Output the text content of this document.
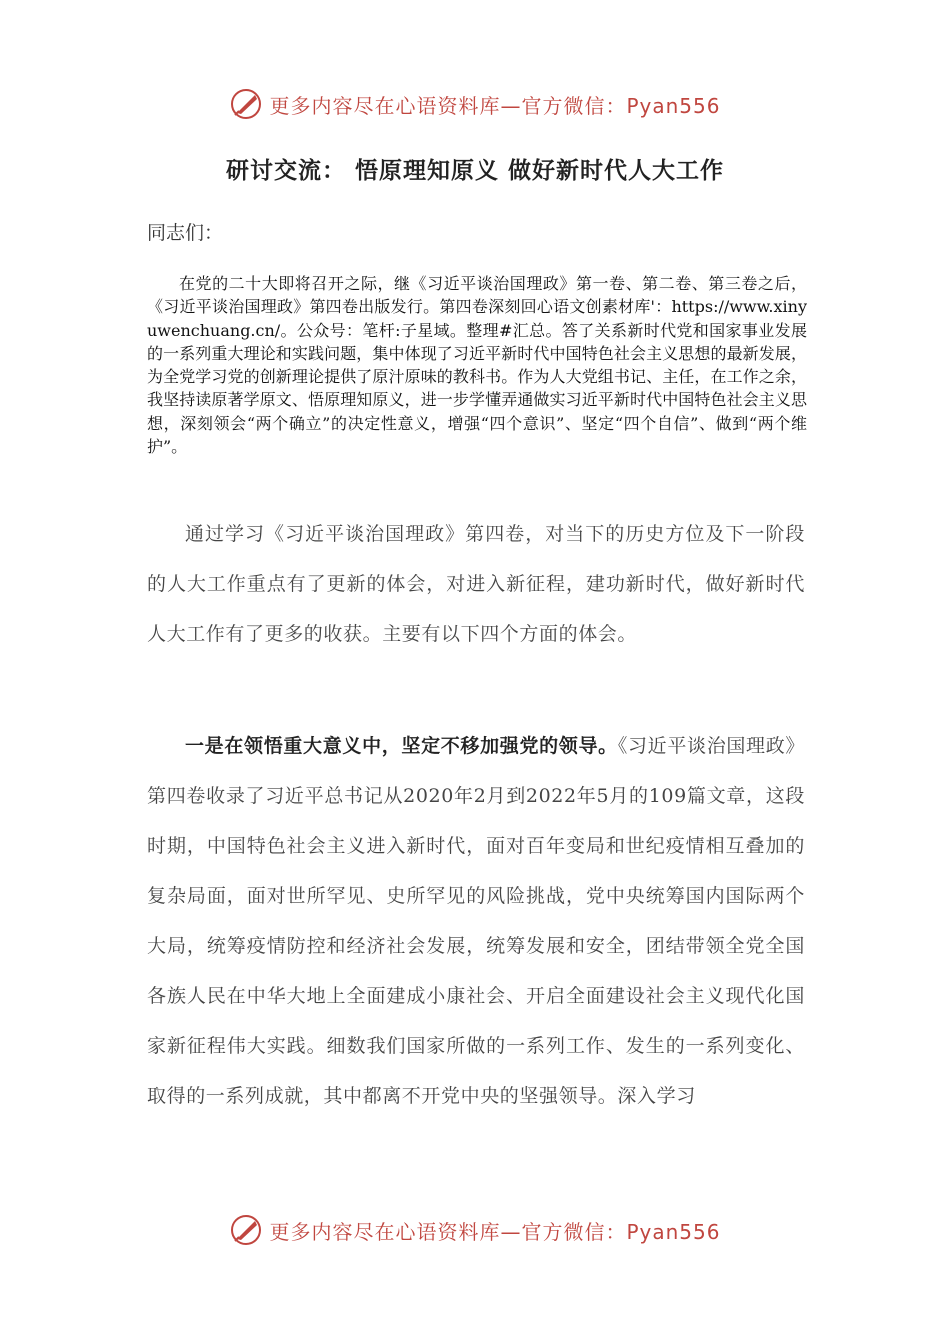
更多内容尽在心语资料库—官方微信：Pyan556
研讨交流： 悟原理知原义 做好新时代人大工作

同志们：

在党的二十大即将召开之际，继《习近平谈治国理政》第一卷、第二卷、第三卷之后，《习近平谈治国理政》第四卷出版发行。第四卷深刻回心语文创素材库'：https://www.xinyuwenchuang.cn/。公众号：笔杆:子星域。整理#汇总。答了关系新时代党和国家事业发展的一系列重大理论和实践问题，集中体现了习近平新时代中国特色社会主义思想的最新发展，为全党学习党的创新理论提供了原汁原味的教科书。作为人大党组书记、主任，在工作之余，我坚持读原著学原文、悟原理知原义，进一步学懂弄通做实习近平新时代中国特色社会主义思想，深刻领会“两个确立”的决定性意义，增强“四个意识”、坚定“四个自信”、做到“两个维护”。

通过学习《习近平谈治国理政》第四卷，对当下的历史方位及下一阶段的人大工作重点有了更新的体会，对进入新征程，建功新时代，做好新时代人大工作有了更多的收获。主要有以下四个方面的体会。

一是在领悟重大意义中，坚定不移加强党的领导。《习近平谈治国理政》第四卷收录了习近平总书记从2020年2月到2022年5月的109篇文章，这段时期，中国特色社会主义进入新时代，面对百年变局和世纪疫情相互叠加的复杂局面，面对世所罕见、史所罕见的风险挑战，党中央统筹国内国际两个大局，统筹疫情防控和经济社会发展，统筹发展和安全，团结带领全党全国各族人民在中华大地上全面建成小康社会、开启全面建设社会主义现代化国家新征程伟大实践。细数我们国家所做的一系列工作、发生的一系列变化、取得的一系列成就，其中都离不开党中央的坚强领导。深入学习

更多内容尽在心语资料库—官方微信：Pyan556
